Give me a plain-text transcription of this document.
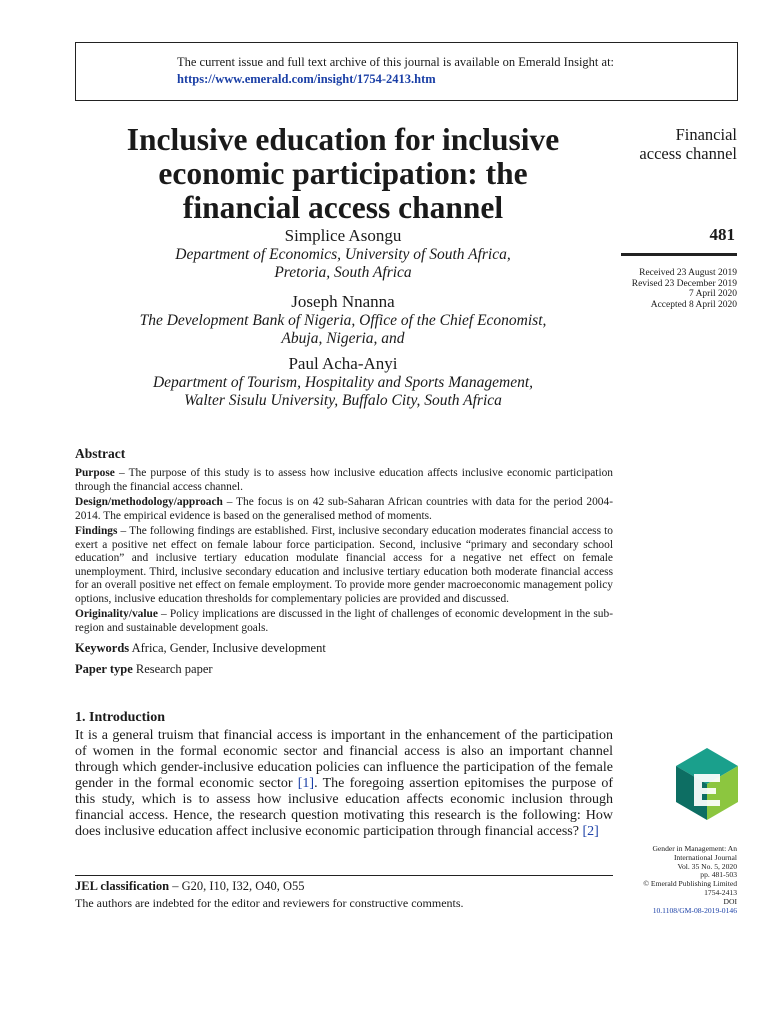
The current issue and full text archive of this journal is available on Emerald Insight at:
https://www.emerald.com/insight/1754-2413.htm
Inclusive education for inclusive
economic participation: the
financial access channel
Simplice Asongu
Department of Economics, University of South Africa,
Pretoria, South Africa
Joseph Nnanna
The Development Bank of Nigeria, Office of the Chief Economist,
Abuja, Nigeria, and
Paul Acha-Anyi
Department of Tourism, Hospitality and Sports Management,
Walter Sisulu University, Buffalo City, South Africa
Financial
access channel
481
Received 23 August 2019
Revised 23 December 2019
7 April 2020
Accepted 8 April 2020
Abstract

Purpose – The purpose of this study is to assess how inclusive education affects inclusive economic participation through the financial access channel.

Design/methodology/approach – The focus is on 42 sub-Saharan African countries with data for the period 2004-2014. The empirical evidence is based on the generalised method of moments.

Findings – The following findings are established. First, inclusive secondary education moderates financial access to exert a positive net effect on female labour force participation. Second, inclusive “primary and secondary school education” and inclusive tertiary education modulate financial access for a negative net effect on female unemployment. Third, inclusive secondary education and inclusive tertiary education both moderate financial access for an overall positive net effect on female employment. To provide more gender macroeconomic management policy options, inclusive education thresholds for complementary policies are provided and discussed.

Originality/value – Policy implications are discussed in the light of challenges of economic development in the sub-region and sustainable development goals.

Keywords Africa, Gender, Inclusive development

Paper type Research paper

1. Introduction

It is a general truism that financial access is important in the enhancement of the participation of women in the formal economic sector and financial access is also an important channel through which gender-inclusive education policies can influence the participation of the female gender in the formal economic sector [1]. The foregoing assertion epitomises the purpose of this study, which is to assess how inclusive education affects economic inclusion through financial access. Hence, the research question motivating this research is the following: How does inclusive education affect inclusive economic participation through financial access? [2]

JEL classification – G20, I10, I32, O40, O55
The authors are indebted for the editor and reviewers for constructive comments.
Gender in Management: An
International Journal
Vol. 35 No. 5, 2020
pp. 481-503
© Emerald Publishing Limited
1754-2413
DOI
10.1108/GM-08-2019-0146
